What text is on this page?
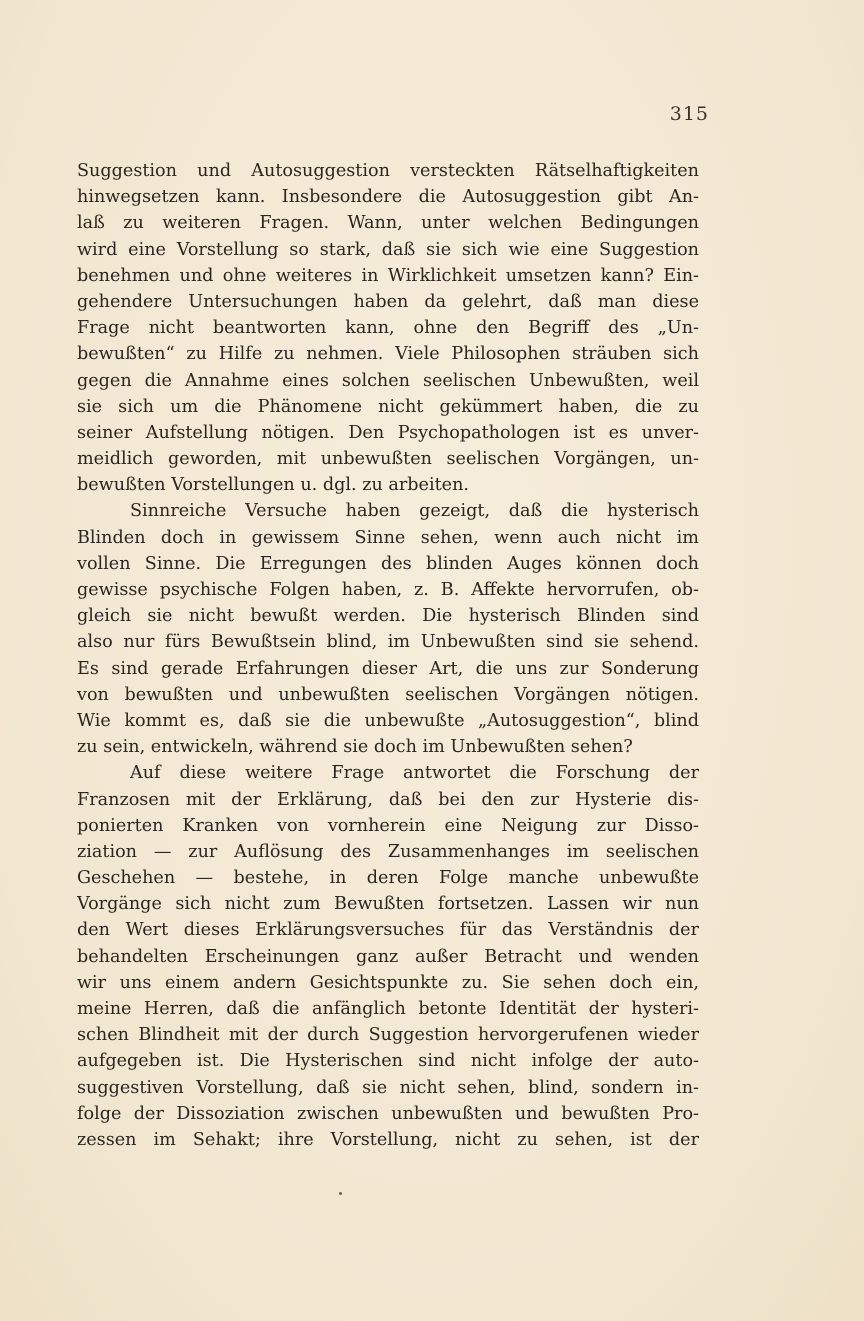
315
Suggestion und Autosuggestion versteckten Rätselhaftigkeiten
hinwegsetzen kann. Insbesondere die Autosuggestion gibt An-
laß zu weiteren Fragen. Wann, unter welchen Bedingungen
wird eine Vorstellung so stark, daß sie sich wie eine Suggestion
benehmen und ohne weiteres in Wirklichkeit umsetzen kann? Ein-
gehendere Untersuchungen haben da gelehrt, daß man diese
Frage nicht beantworten kann, ohne den Begriff des „Un-
bewußten“ zu Hilfe zu nehmen. Viele Philosophen sträuben sich
gegen die Annahme eines solchen seelischen Unbewußten, weil
sie sich um die Phänomene nicht gekümmert haben, die zu
seiner Aufstellung nötigen. Den Psychopathologen ist es unver-
meidlich geworden, mit unbewußten seelischen Vorgängen, un-
bewußten Vorstellungen u. dgl. zu arbeiten.
Sinnreiche Versuche haben gezeigt, daß die hysterisch
Blinden doch in gewissem Sinne sehen, wenn auch nicht im
vollen Sinne. Die Erregungen des blinden Auges können doch
gewisse psychische Folgen haben, z. B. Affekte hervorrufen, ob-
gleich sie nicht bewußt werden. Die hysterisch Blinden sind
also nur fürs Bewußtsein blind, im Unbewußten sind sie sehend.
Es sind gerade Erfahrungen dieser Art, die uns zur Sonderung
von bewußten und unbewußten seelischen Vorgängen nötigen.
Wie kommt es, daß sie die unbewußte „Autosuggestion“, blind
zu sein, entwickeln, während sie doch im Unbewußten sehen?
Auf diese weitere Frage antwortet die Forschung der
Franzosen mit der Erklärung, daß bei den zur Hysterie dis-
ponierten Kranken von vornherein eine Neigung zur Disso-
ziation — zur Auflösung des Zusammenhanges im seelischen
Geschehen — bestehe, in deren Folge manche unbewußte
Vorgänge sich nicht zum Bewußten fortsetzen. Lassen wir nun
den Wert dieses Erklärungsversuches für das Verständnis der
behandelten Erscheinungen ganz außer Betracht und wenden
wir uns einem andern Gesichtspunkte zu. Sie sehen doch ein,
meine Herren, daß die anfänglich betonte Identität der hysteri-
schen Blindheit mit der durch Suggestion hervorgerufenen wieder
aufgegeben ist. Die Hysterischen sind nicht infolge der auto-
suggestiven Vorstellung, daß sie nicht sehen, blind, sondern in-
folge der Dissoziation zwischen unbewußten und bewußten Pro-
zessen im Sehakt; ihre Vorstellung, nicht zu sehen, ist der
